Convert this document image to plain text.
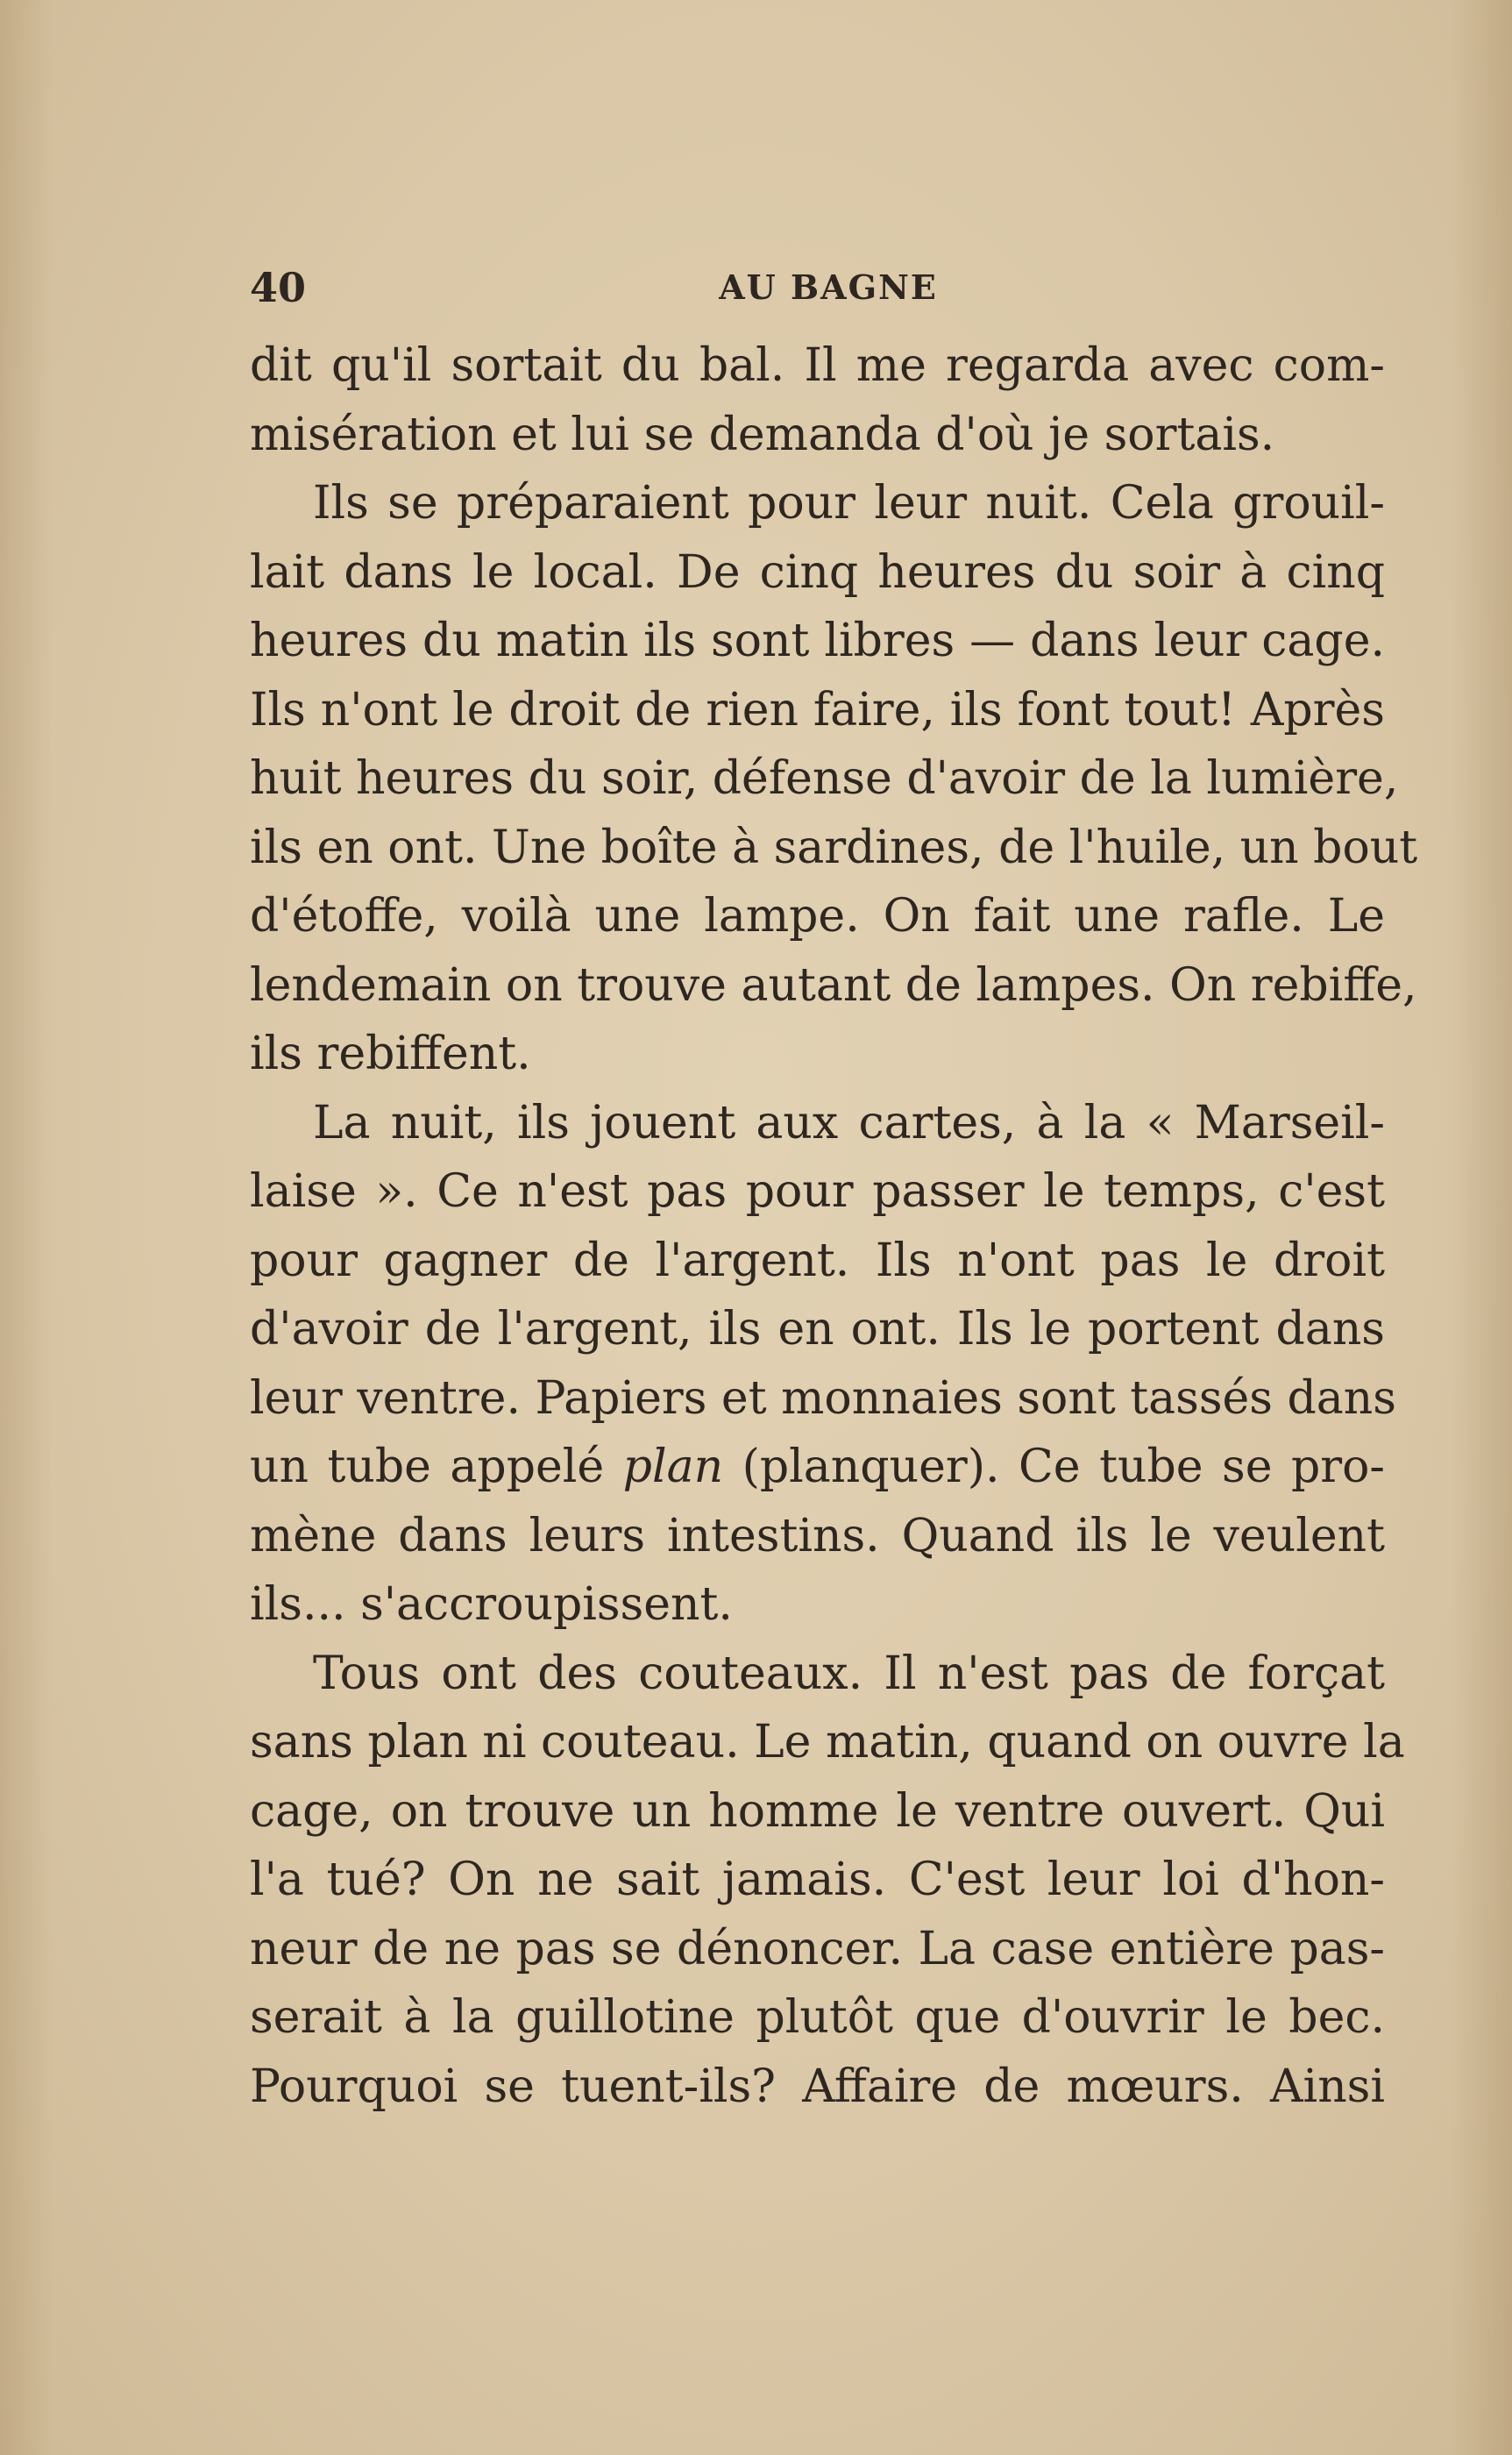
40	AU BAGNE
dit qu'il sortait du bal. Il me regarda avec com-
misération et lui se demanda d'où je sortais.
Ils se préparaient pour leur nuit. Cela grouil-
lait dans le local. De cinq heures du soir à cinq
heures du matin ils sont libres — dans leur cage.
Ils n'ont le droit de rien faire, ils font tout! Après
huit heures du soir, défense d'avoir de la lumière,
ils en ont. Une boîte à sardines, de l'huile, un bout
d'étoffe, voilà une lampe. On fait une rafle. Le
lendemain on trouve autant de lampes. On rebiffe,
ils rebiffent.
La nuit, ils jouent aux cartes, à la « Marseil-
laise ». Ce n'est pas pour passer le temps, c'est
pour gagner de l'argent. Ils n'ont pas le droit
d'avoir de l'argent, ils en ont. Ils le portent dans
leur ventre. Papiers et monnaies sont tassés dans
un tube appelé plan (planquer). Ce tube se pro-
mène dans leurs intestins. Quand ils le veulent
ils... s'accroupissent.
Tous ont des couteaux. Il n'est pas de forçat
sans plan ni couteau. Le matin, quand on ouvre la
cage, on trouve un homme le ventre ouvert. Qui
l'a tué? On ne sait jamais. C'est leur loi d'hon-
neur de ne pas se dénoncer. La case entière pas-
serait à la guillotine plutôt que d'ouvrir le bec.
Pourquoi se tuent-ils? Affaire de mœurs. Ainsi
